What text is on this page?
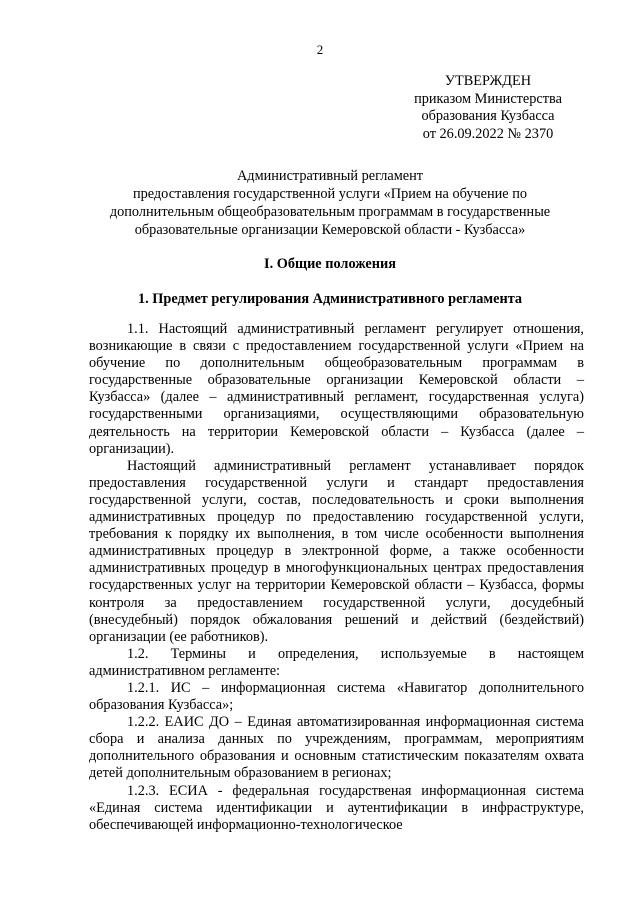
2
УТВЕРЖДЕН
приказом Министерства
образования Кузбасса
от 26.09.2022 № 2370
Административный регламент
предоставления государственной услуги «Прием на обучение по
дополнительным общеобразовательным программам в государственные
образовательные организации Кемеровской области - Кузбасса»
I. Общие положения
1. Предмет регулирования Административного регламента

1.1. Настоящий административный регламент регулирует отношения, возникающие в связи с предоставлением государственной услуги «Прием на обучение по дополнительным общеобразовательным программам в государственные образовательные организации Кемеровской области – Кузбасса» (далее – административный регламент, государственная услуга) государственными организациями, осуществляющими образовательную деятельность на территории Кемеровской области – Кузбасса (далее – организации).

Настоящий административный регламент устанавливает порядок предоставления государственной услуги и стандарт предоставления государственной услуги, состав, последовательность и сроки выполнения административных процедур по предоставлению государственной услуги, требования к порядку их выполнения, в том числе особенности выполнения административных процедур в электронной форме, а также особенности административных процедур в многофункциональных центрах предоставления государственных услуг на территории Кемеровской области – Кузбасса, формы контроля за предоставлением государственной услуги, досудебный (внесудебный) порядок обжалования решений и действий (бездействий) организации (ее работников).

1.2. Термины и определения, используемые в настоящем административном регламенте:

1.2.1. ИС – информационная система «Навигатор дополнительного образования Кузбасса»;

1.2.2. ЕАИС ДО – Единая автоматизированная информационная система сбора и анализа данных по учреждениям, программам, мероприятиям дополнительного образования и основным статистическим показателям охвата детей дополнительным образованием в регионах;

1.2.3. ЕСИА - федеральная государственая информационная система «Единая система идентификации и аутентификации в инфраструктуре, обеспечивающей информационно-технологическое
